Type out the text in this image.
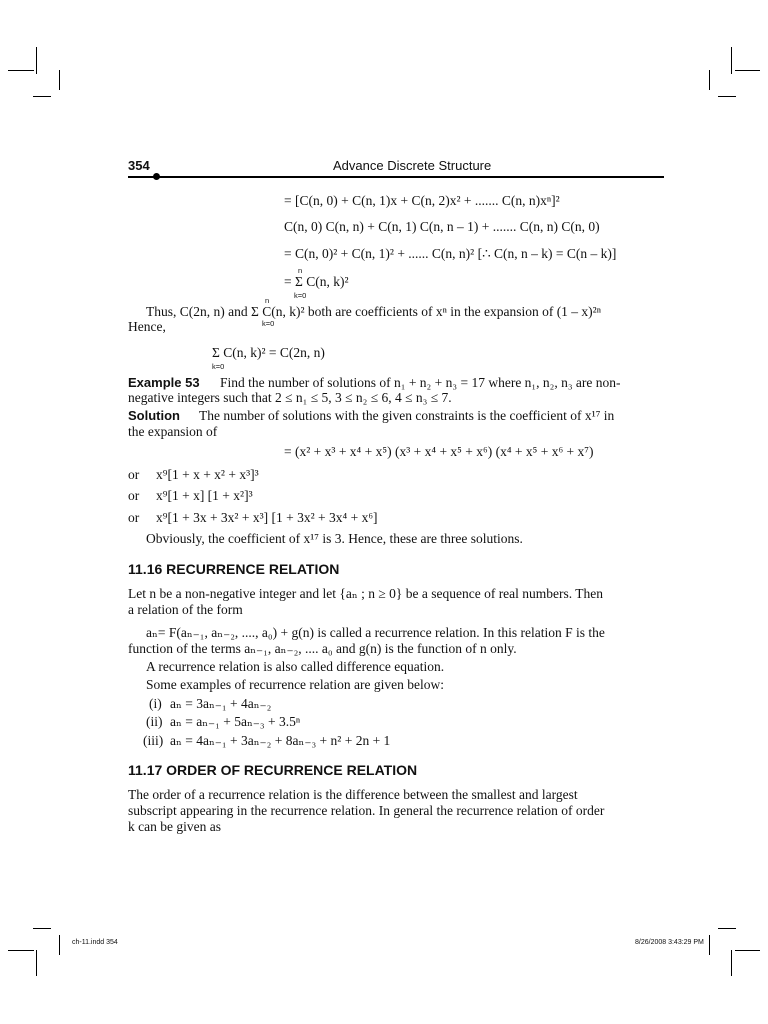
354	Advance Discrete Structure
= [C(n, 0) + C(n, 1)x + C(n, 2)x² + ....... C(n, n)xⁿ]²
C(n, 0) C(n, n) + C(n, 1) C(n, n – 1) + ....... C(n, n) C(n, 0)
= C(n, 0)² + C(n, 1)² + ...... C(n, n)² [∴ C(n, n – k) = C(n – k)]
n
= Σ C(n, k)²
k=0
n
Thus, C(2n, n) and Σ C(n, k)² both are coefficients of xⁿ in the expansion of (1 – x)²ⁿ
k=0
Hence,
Σ C(n, k)² = C(2n, n)
k=0
Example 53 Find the number of solutions of n₁ + n₂ + n₃ = 17 where n₁, n₂, n₃ are non-
negative integers such that 2 ≤ n₁ ≤ 5, 3 ≤ n₂ ≤ 6, 4 ≤ n₃ ≤ 7.
Solution The number of solutions with the given constraints is the coefficient of x¹⁷ in
the expansion of
= (x² + x³ + x⁴ + x⁵) (x³ + x⁴ + x⁵ + x⁶) (x⁴ + x⁵ + x⁶ + x⁷)
or x⁹[1 + x + x² + x³]³
or x⁹[1 + x] [1 + x²]³
or x⁹[1 + 3x + 3x² + x³] [1 + 3x² + 3x⁴ + x⁶]
Obviously, the coefficient of x¹⁷ is 3. Hence, these are three solutions.
11.16 RECURRENCE RELATION
Let n be a non-negative integer and let {aₙ ; n ≥ 0} be a sequence of real numbers. Then
a relation of the form
aₙ= F(aₙ₋₁, aₙ₋₂, ...., a₀) + g(n) is called a recurrence relation. In this relation F is the
function of the terms aₙ₋₁, aₙ₋₂, .... a₀ and g(n) is the function of n only.
A recurrence relation is also called difference equation.
Some examples of recurrence relation are given below:
(i) aₙ = 3aₙ₋₁ + 4aₙ₋₂
(ii) aₙ = aₙ₋₁ + 5aₙ₋₃ + 3.5ⁿ
(iii) aₙ = 4aₙ₋₁ + 3aₙ₋₂ + 8aₙ₋₃ + n² + 2n + 1
11.17 ORDER OF RECURRENCE RELATION
The order of a recurrence relation is the difference between the smallest and largest
subscript appearing in the recurrence relation. In general the recurrence relation of order
k can be given as
ch-11.indd 354	8/26/2008 3:43:29 PM
